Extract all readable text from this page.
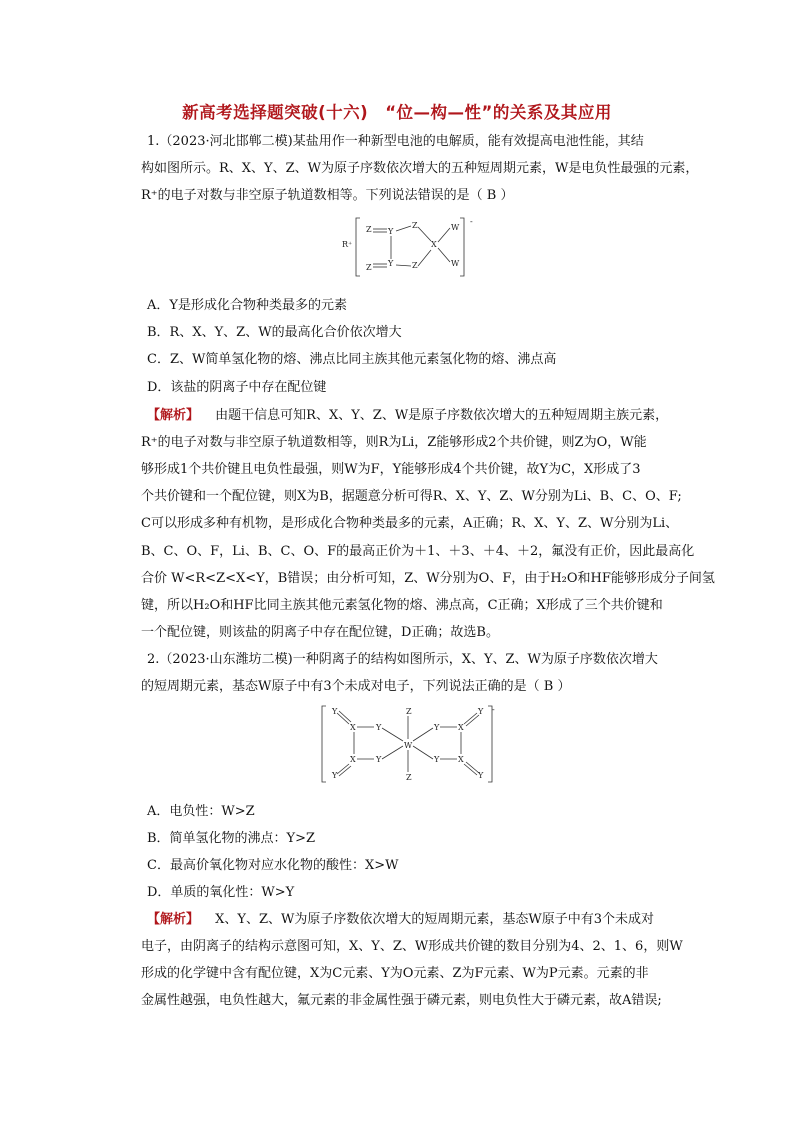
新高考选择题突破(十六)　“位—构—性”的关系及其应用
1.（2023·河北邯郸二模)某盐用作一种新型电池的电解质，能有效提高电池性能，其结
构如图所示。R、X、Y、Z、W为原子序数依次增大的五种短周期元素，W是电负性最强的元素，
R⁺的电子对数与非空原子轨道数相等。下列说法错误的是（ B ）
R⁺
-
Z Y
Z
X
W
W
Z
Y
Z
A．Y是形成化合物种类最多的元素
B．R、X、Y、Z、W的最高化合价依次增大
C．Z、W简单氢化物的熔、沸点比同主族其他元素氢化物的熔、沸点高
D．该盐的阴离子中存在配位键
【解析】 由题干信息可知R、X、Y、Z、W是原子序数依次增大的五种短周期主族元素，
R⁺的电子对数与非空原子轨道数相等，则R为Li，Z能够形成2个共价键，则Z为O，W能
够形成1个共价键且电负性最强，则W为F，Y能够形成4个共价键，故Y为C，X形成了3
个共价键和一个配位键，则X为B，据题意分析可得R、X、Y、Z、W分别为Li、B、C、O、F;
C可以形成多种有机物，是形成化合物种类最多的元素，A正确；R、X、Y、Z、W分别为Li、
B、C、O、F，Li、B、C、O、F的最高正价为＋1、＋3、＋4、＋2，氟没有正价，因此最高化
合价 W<R<Z<X<Y，B错误；由分析可知，Z、W分别为O、F，由于H₂O和HF能够形成分子间氢
键，所以H₂O和HF比同主族其他元素氢化物的熔、沸点高，C正确；X形成了三个共价键和
一个配位键，则该盐的阴离子中存在配位键，D正确；故选B。
2.（2023·山东潍坊二模)一种阴离子的结构如图所示，X、Y、Z、W为原子序数依次增大
的短周期元素，基态W原子中有3个未成对电子，下列说法正确的是（ B ）
-
Z
Z
W
Y
X	Y
Y
X
Y
Y X
Y
Y X
Y
A．电负性：W>Z
B．简单氢化物的沸点：Y>Z
C．最高价氧化物对应水化物的酸性：X>W
D．单质的氧化性：W>Y
【解析】 X、Y、Z、W为原子序数依次增大的短周期元素，基态W原子中有3个未成对
电子，由阴离子的结构示意图可知，X、Y、Z、W形成共价键的数目分别为4、2、1、6，则W
形成的化学键中含有配位键，X为C元素、Y为O元素、Z为F元素、W为P元素。元素的非
金属性越强，电负性越大，氟元素的非金属性强于磷元素，则电负性大于磷元素，故A错误;
